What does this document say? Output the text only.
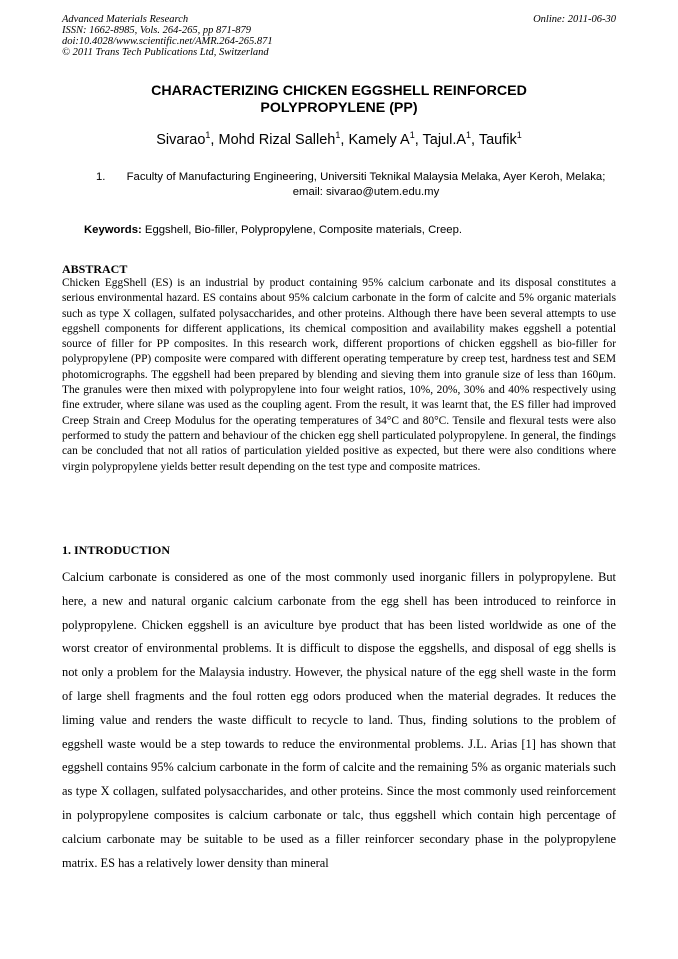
Advanced Materials Research
ISSN: 1662-8985, Vols. 264-265, pp 871-879
doi:10.4028/www.scientific.net/AMR.264-265.871
© 2011 Trans Tech Publications Ltd, Switzerland
Online: 2011-06-30
CHARACTERIZING CHICKEN EGGSHELL REINFORCED
POLYPROPYLENE (PP)
Sivarao$^1$, Mohd Rizal Salleh$^1$, Kamely $A^1$, $Tajul.A^1$, Taufik$^1$
1.	Faculty of Manufacturing Engineering, Universiti Teknikal Malaysia Melaka, Ayer Keroh, Melaka; email: sivarao@utem.edu.my
Keywords: Eggshell, Bio-filler, Polypropylene, Composite materials, Creep.
ABSTRACT
Chicken EggShell (ES) is an industrial by product containing 95% calcium carbonate and its disposal constitutes a serious environmental hazard. ES contains about 95% calcium carbonate in the form of calcite and 5% organic materials such as type X collagen, sulfated polysaccharides, and other proteins. Although there have been several attempts to use eggshell components for different applications, its chemical composition and availability makes eggshell a potential source of filler for PP composites. In this research work, different proportions of chicken eggshell as bio-filler for polypropylene (PP) composite were compared with different operating temperature by creep test, hardness test and SEM photomicrographs. The eggshell had been prepared by blending and sieving them into granule size of less than 160μm. The granules were then mixed with polypropylene into four weight ratios, 10%, 20%, 30% and 40% respectively using fine extruder, where silane was used as the coupling agent. From the result, it was learnt that, the ES filler had improved Creep Strain and Creep Modulus for the operating temperatures of 34°C and 80°C. Tensile and flexural tests were also performed to study the pattern and behaviour of the chicken egg shell particulated polypropylene. In general, the findings can be concluded that not all ratios of particulation yielded positive as expected, but there were also conditions where virgin polypropylene yields better result depending on the test type and composite matrices.
1. INTRODUCTION
Calcium carbonate is considered as one of the most commonly used inorganic fillers in polypropylene. But here, a new and natural organic calcium carbonate from the egg shell has been introduced to reinforce in polypropylene. Chicken eggshell is an aviculture bye product that has been listed worldwide as one of the worst creator of environmental problems. It is difficult to dispose the eggshells, and disposal of egg shells is not only a problem for the Malaysia industry. However, the physical nature of the egg shell waste in the form of large shell fragments and the foul rotten egg odors produced when the material degrades. It reduces the liming value and renders the waste difficult to recycle to land. Thus, finding solutions to the problem of eggshell waste would be a step towards to reduce the environmental problems. J.L. Arias [1] has shown that eggshell contains 95% calcium carbonate in the form of calcite and the remaining 5% as organic materials such as type X collagen, sulfated polysaccharides, and other proteins. Since the most commonly used reinforcement in polypropylene composites is calcium carbonate or talc, thus eggshell which contain high percentage of calcium carbonate may be suitable to be used as a filler reinforcer secondary phase in the polypropylene matrix. ES has a relatively lower density than mineral
